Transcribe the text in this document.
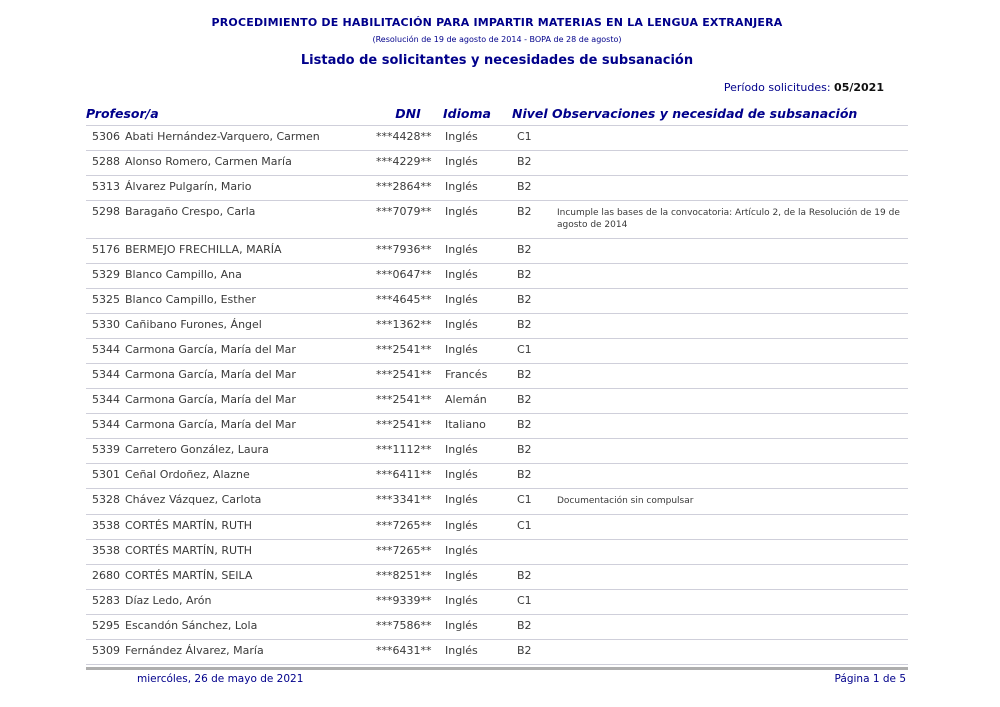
PROCEDIMIENTO DE HABILITACIÓN PARA IMPARTIR MATERIAS EN LA LENGUA EXTRANJERA
(Resolución de 19 de agosto de 2014 - BOPA de 28 de agosto)
Listado de solicitantes y necesidades de subsanación
Período solicitudes: 05/2021
Profesor/a	DNI	Idioma	Nivel Observaciones y necesidad de subsanación
5306 Abati Hernández-Varquero, Carmen	***4428**	Inglés	C1
5288 Alonso Romero, Carmen María	***4229**	Inglés	B2
5313 Álvarez Pulgarín, Mario	***2864**	Inglés	B2
5298 Baragaño Crespo, Carla	***7079**	Inglés	B2	Incumple las bases de la convocatoria: Artículo 2, de la Resolución de 19 de agosto de 2014
5176 BERMEJO FRECHILLA, MARÍA	***7936**	Inglés	B2
5329 Blanco Campillo, Ana	***0647**	Inglés	B2
5325 Blanco Campillo, Esther	***4645**	Inglés	B2
5330 Cañibano Furones, Ángel	***1362**	Inglés	B2
5344 Carmona García, María del Mar	***2541**	Inglés	C1
5344 Carmona García, María del Mar	***2541**	Francés	B2
5344 Carmona García, María del Mar	***2541**	Alemán	B2
5344 Carmona García, María del Mar	***2541**	Italiano	B2
5339 Carretero González, Laura	***1112**	Inglés	B2
5301 Ceñal Ordoñez, Alazne	***6411**	Inglés	B2
5328 Chávez Vázquez, Carlota	***3341**	Inglés	C1	Documentación sin compulsar
3538 CORTÉS MARTÍN, RUTH	***7265**	Inglés	C1
3538 CORTÉS MARTÍN, RUTH	***7265**	Inglés
2680 CORTÉS MARTÍN, SEILA	***8251**	Inglés	B2
5283 Díaz Ledo, Arón	***9339**	Inglés	C1
5295 Escandón Sánchez, Lola	***7586**	Inglés	B2
5309 Fernández Álvarez, María	***6431**	Inglés	B2
miercóles, 26 de mayo de 2021	Página 1 de 5
